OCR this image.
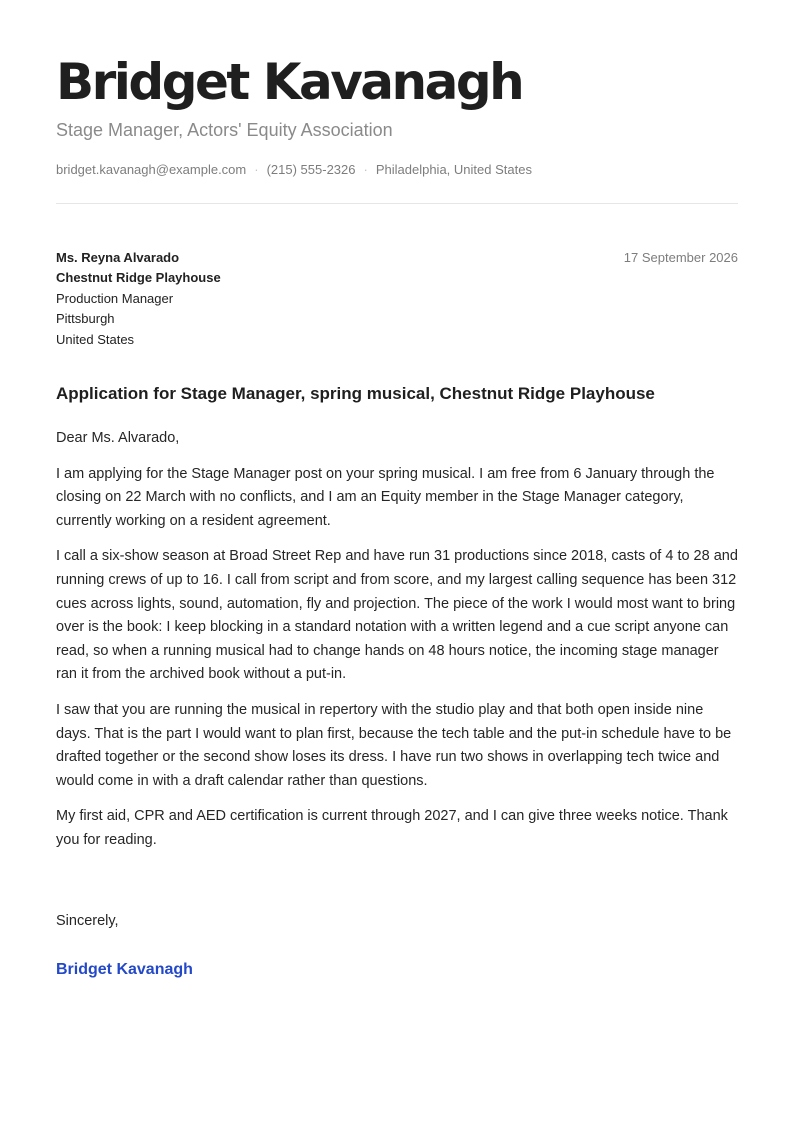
Bridget Kavanagh
Stage Manager, Actors' Equity Association
bridget.kavanagh@example.com · (215) 555-2326 · Philadelphia, United States
Ms. Reyna Alvarado
Chestnut Ridge Playhouse
Production Manager
Pittsburgh
United States
17 September 2026
Application for Stage Manager, spring musical, Chestnut Ridge Playhouse

Dear Ms. Alvarado,

I am applying for the Stage Manager post on your spring musical. I am free from 6 January through the closing on 22 March with no conflicts, and I am an Equity member in the Stage Manager category, currently working on a resident agreement.

I call a six-show season at Broad Street Rep and have run 31 productions since 2018, casts of 4 to 28 and running crews of up to 16. I call from script and from score, and my largest calling sequence has been 312 cues across lights, sound, automation, fly and projection. The piece of the work I would most want to bring over is the book: I keep blocking in a standard notation with a written legend and a cue script anyone can read, so when a running musical had to change hands on 48 hours notice, the incoming stage manager ran it from the archived book without a put-in.

I saw that you are running the musical in repertory with the studio play and that both open inside nine days. That is the part I would want to plan first, because the tech table and the put-in schedule have to be drafted together or the second show loses its dress. I have run two shows in overlapping tech twice and would come in with a draft calendar rather than questions.

My first aid, CPR and AED certification is current through 2027, and I can give three weeks notice. Thank you for reading.

Sincerely,
Bridget Kavanagh
